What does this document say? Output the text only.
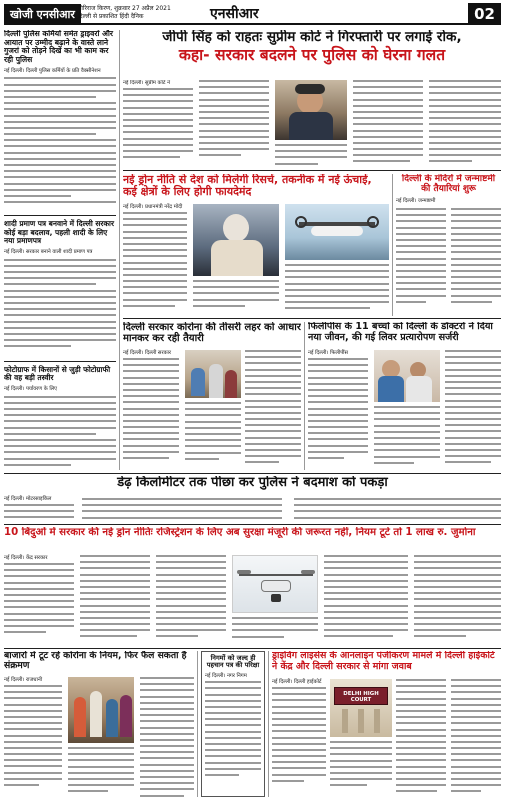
खोजी एनसीआर गिरिराज किरण, शुक्रवार 27 अप्रैल 2021
दिल्ली से प्रकाशित हिंदी दैनिक	एनसीआर	02
दिल्ली पुलिस कर्मियों समेत ड्राइवरों और आयात पर उम्मीद बढ़ाने के वास्ते लाने गुजरां को तोड़ने दिखें का भी काम कर रही पुलिस
नई दिल्ली। दिल्ली पुलिस कर्मियों के प्रति वैक्सीनेशन
शादी प्रमाण पत्र बनवाने में दिल्ली सरकार कोई बड़ा बदलाव, पहली शादी के लिए नया प्रमाणपत्र
नई दिल्ली। सरकार बनाने वाली शादी प्रमाण पत्र
फोटोग्राफ में किसानों से जुड़ी फोटोग्राफी की वह बड़ी तस्वीर
नई दिल्ली। पर्यावरण के लिए
जीपी सिंह को राहतः सुप्रीम कोर्ट ने गिरफ्तारी पर लगाई रोक,
कहा- सरकार बदलने पर पुलिस को घेरना गलत
नई दिल्ली। सुप्रीम कोर्ट ने
नई ड्रोन नीति से देश को मिलेगी रिसर्च, तकनीक में नई ऊंचाई, कई क्षेत्रों के लिए होगी फायदेमंद
नई दिल्ली। प्रधानमंत्री नरेंद्र मोदी
दिल्ली के मंदिरों में जन्माष्टमी की तैयारियां शुरू
नई दिल्ली। जन्माष्टमी
दिल्ली सरकार कोरोना की तीसरी लहर को आधार मानकर कर रही तैयारी
नई दिल्ली। दिल्ली सरकार
फिलीपींस के 11 बच्चों को दिल्ली के डॉक्टरों ने दिया नया जीवन, की गई लिवर प्रत्यारोपण सर्जरी
नई दिल्ली। फिलीपींस
डेढ़ किलोमीटर तक पीछा कर पुलिस ने बदमाश को पकड़ा
नई दिल्ली। मोटरसाइकिल
10 बिंदुओं में सरकार की नई ड्रोन नीतिः रजिस्ट्रेशन के लिए अब सुरक्षा मंजूरी की जरूरत नहीं, नियम टूटे तो 1 लाख रु. जुर्माना
नई दिल्ली। केंद्र सरकार
बाजारों में टूट रहे कोरोना के नियम, फिर फैल सकता है संक्रमण
नई दिल्ली। राजधानी
निगमों को जल्द ही पहचान पत्र की परिक्षा
नई दिल्ली। नगर निगम
ड्राइविंग लाइसेंस के आनलाइन पंजीकरण मामले में दिल्ली हाईकोर्ट ने केंद्र और दिल्ली सरकार से मांगा जवाब
नई दिल्ली। दिल्ली हाईकोर्ट
DELHI HIGH COURT
